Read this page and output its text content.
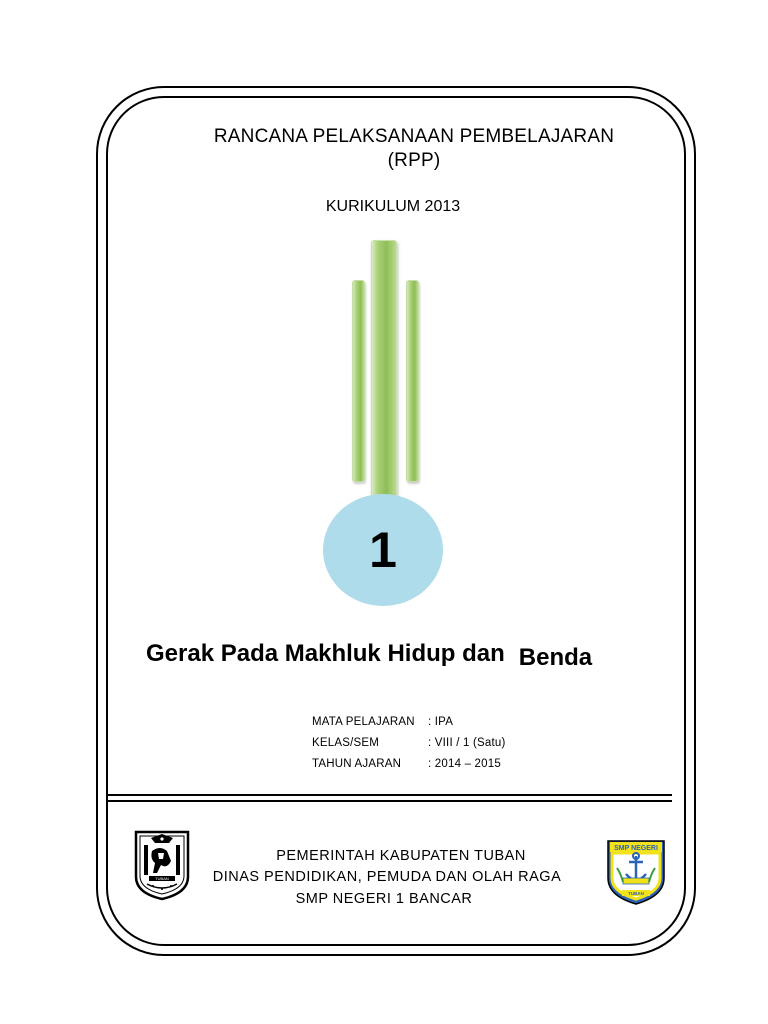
RANCANA PELAKSANAAN PEMBELAJARAN
(RPP)
KURIKULUM 2013
1
Gerak Pada Makhluk Hidup dan Benda
MATA PELAJARAN	: IPA
KELAS/SEM	: VIII / 1 (Satu)
TAHUN AJARAN	: 2014 – 2015
TUBAN
PEMERINTAH KABUPATEN TUBAN
DINAS PENDIDIKAN, PEMUDA DAN OLAH RAGA
SMP NEGERI 1 BANCAR
SMP NEGERI
TUBAN
